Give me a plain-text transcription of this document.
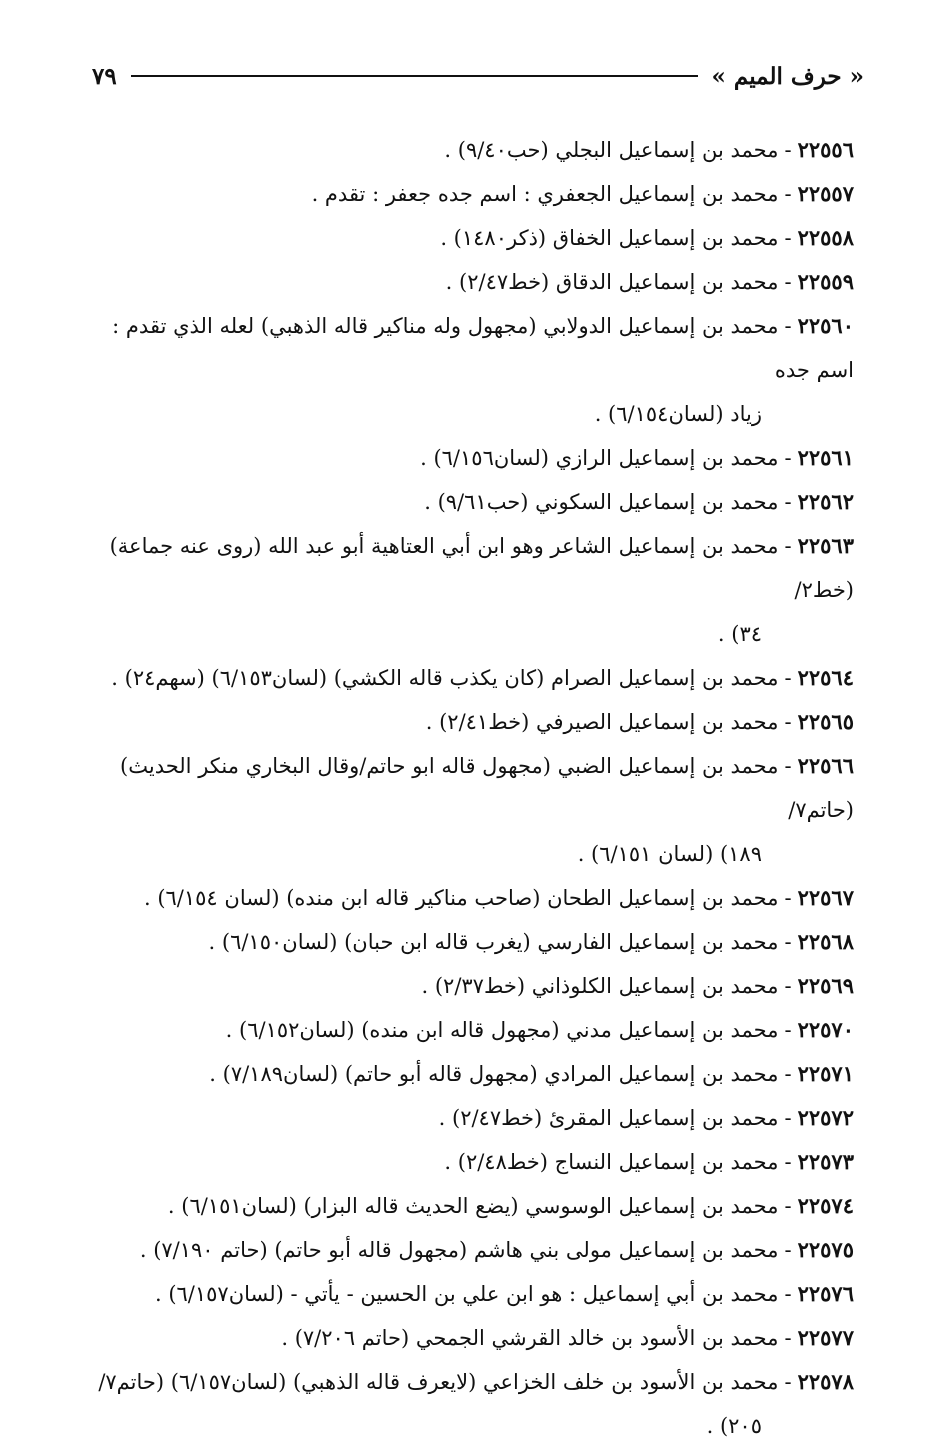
« حرف الميم »
٧٩
٢٢٥٥٦-محمد بن إسماعيل البجلي (حب٩/٤٠) .
٢٢٥٥٧-محمد بن إسماعيل الجعفري : اسم جده جعفر : تقدم .
٢٢٥٥٨-محمد بن إسماعيل الخفاق (ذكر١٤٨٠) .
٢٢٥٥٩-محمد بن إسماعيل الدقاق (خط٢/٤٧) .
٢٢٥٦٠-محمد بن إسماعيل الدولابي (مجهول وله مناكير قاله الذهبي) لعله الذي تقدم : اسم جده
زياد (لسان٦/١٥٤) .
٢٢٥٦١-محمد بن إسماعيل الرازي (لسان٦/١٥٦) .
٢٢٥٦٢-محمد بن إسماعيل السكوني (حب٩/٦١) .
٢٢٥٦٣-محمد بن إسماعيل الشاعر وهو ابن أبي العتاهية أبو عبد الله (روى عنه جماعة) (خط٢/
٣٤) .
٢٢٥٦٤-محمد بن إسماعيل الصرام (كان يكذب قاله الكشي) (لسان٦/١٥٣) (سهم٢٤) .
٢٢٥٦٥-محمد بن إسماعيل الصيرفي (خط٢/٤١) .
٢٢٥٦٦-محمد بن إسماعيل الضبي (مجهول قاله ابو حاتم/وقال البخاري منكر الحديث) (حاتم٧/
١٨٩) (لسان ٦/١٥١) .
٢٢٥٦٧-محمد بن إسماعيل الطحان (صاحب مناكير قاله ابن منده) (لسان ٦/١٥٤) .
٢٢٥٦٨-محمد بن إسماعيل الفارسي (يغرب قاله ابن حبان) (لسان٦/١٥٠) .
٢٢٥٦٩-محمد بن إسماعيل الكلوذاني (خط٢/٣٧) .
٢٢٥٧٠-محمد بن إسماعيل مدني (مجهول قاله ابن منده) (لسان٦/١٥٢) .
٢٢٥٧١-محمد بن إسماعيل المرادي (مجهول قاله أبو حاتم) (لسان٧/١٨٩) .
٢٢٥٧٢-محمد بن إسماعيل المقرئ (خط٢/٤٧) .
٢٢٥٧٣-محمد بن إسماعيل النساج (خط٢/٤٨) .
٢٢٥٧٤-محمد بن إسماعيل الوسوسي (يضع الحديث قاله البزار) (لسان٦/١٥١) .
٢٢٥٧٥-محمد بن إسماعيل مولى بني هاشم (مجهول قاله أبو حاتم) (حاتم ٧/١٩٠) .
٢٢٥٧٦-محمد بن أبي إسماعيل : هو ابن علي بن الحسين - يأتي - (لسان٦/١٥٧) .
٢٢٥٧٧-محمد بن الأسود بن خالد القرشي الجمحي (حاتم ٧/٢٠٦) .
٢٢٥٧٨-محمد بن الأسود بن خلف الخزاعي (لايعرف قاله الذهبي) (لسان٦/١٥٧) (حاتم٧/
٢٠٥) .
